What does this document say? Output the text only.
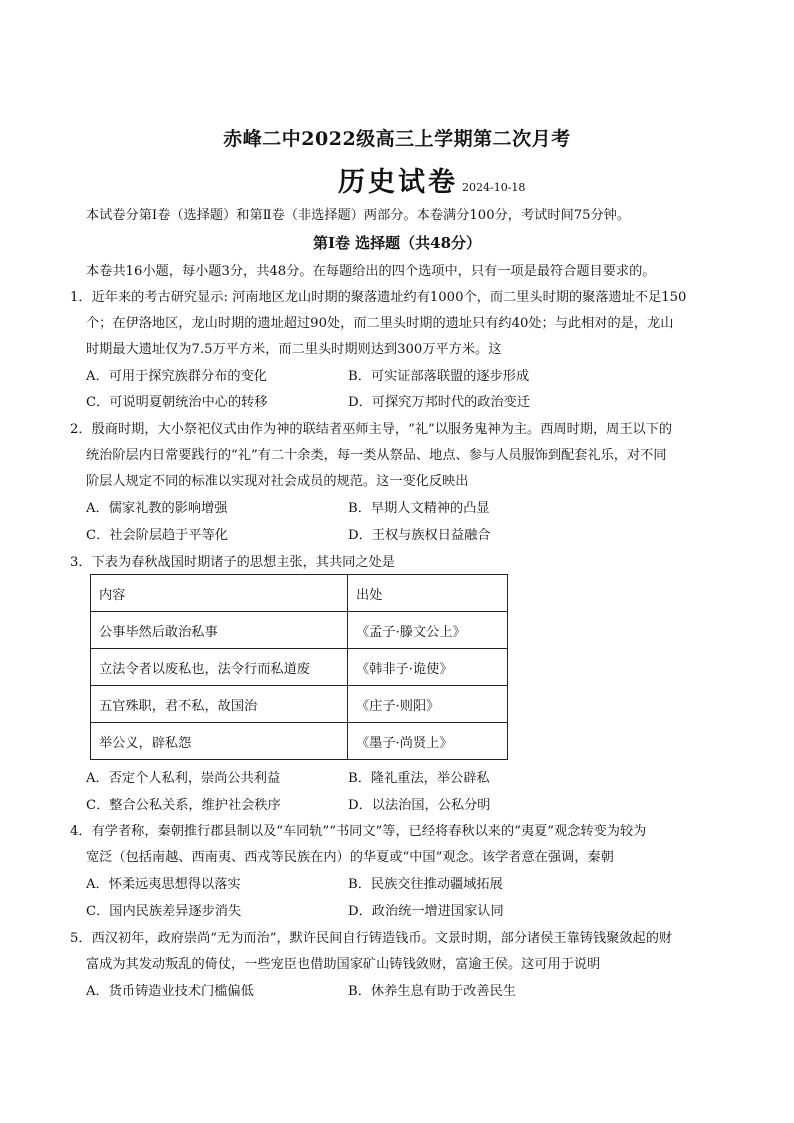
赤峰二中2022级高三上学期第二次月考
历史试卷 2024-10-18
本试卷分第Ⅰ卷（选择题）和第Ⅱ卷（非选择题）两部分。本卷满分100分，考试时间75分钟。
第Ⅰ卷 选择题（共48分）
本卷共16小题，每小题3分，共48分。在每题给出的四个选项中，只有一项是最符合题目要求的。
1．近年来的考古研究显示: 河南地区龙山时期的聚落遗址约有1000个，而二里头时期的聚落遗址不足150
个；在伊洛地区，龙山时期的遗址超过90处，而二里头时期的遗址只有约40处；与此相对的是，龙山
时期最大遗址仅为7.5万平方米，而二里头时期则达到300万平方米。这
A．可用于探究族群分布的变化	B．可实证部落联盟的逐步形成
C．可说明夏朝统治中心的转移	D．可探究万邦时代的政治变迁
2．殷商时期，大小祭祀仪式由作为神的联结者巫师主导，“礼”以服务鬼神为主。西周时期，周王以下的
统治阶层内日常要践行的“礼”有二十余类，每一类从祭品、地点、参与人员服饰到配套礼乐，对不同
阶层人规定不同的标准以实现对社会成员的规范。这一变化反映出
A．儒家礼教的影响增强	B．早期人文精神的凸显
C．社会阶层趋于平等化	D．王权与族权日益融合
3．下表为春秋战国时期诸子的思想主张，其共同之处是
内容	出处
公事毕然后敢治私事	《孟子·滕文公上》
立法令者以废私也，法令行而私道废	《韩非子·诡使》
五官殊职，君不私，故国治	《庄子·则阳》
举公义，辟私怨	《墨子·尚贤上》
A．否定个人私利，崇尚公共利益	B．隆礼重法，举公辟私
C．整合公私关系，维护社会秩序	D．以法治国，公私分明
4．有学者称，秦朝推行郡县制以及“车同轨”“书同文”等，已经将春秋以来的“夷夏”观念转变为较为
宽泛（包括南越、西南夷、西戎等民族在内）的华夏或“中国”观念。该学者意在强调，秦朝
A．怀柔远夷思想得以落实	B．民族交往推动疆域拓展
C．国内民族差异逐步消失	D．政治统一增进国家认同
5．西汉初年，政府崇尚“无为而治”，默许民间自行铸造钱币。文景时期，部分诸侯王靠铸钱聚敛起的财
富成为其发动叛乱的倚仗，一些宠臣也借助国家矿山铸钱敛财，富逾王侯。这可用于说明
A．货币铸造业技术门槛偏低	B．休养生息有助于改善民生
